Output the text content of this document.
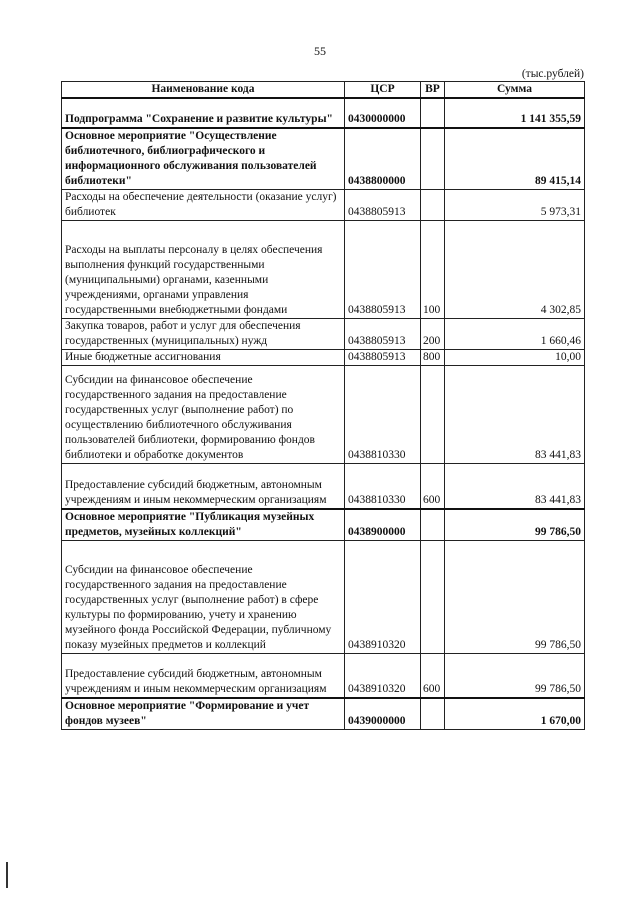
55
(тыс.рублей)
Наименование кода	ЦСР	ВР	Сумма
Подпрограмма "Сохранение и развитие культуры"	0430000000		1 141 355,59
Основное мероприятие "Осуществление библиотечного, библиографического и информационного обслуживания пользователей библиотеки"	0438800000		89 415,14
Расходы на обеспечение деятельности (оказание услуг) библиотек	0438805913		5 973,31
Расходы на выплаты персоналу в целях обеспечения выполнения функций государственными (муниципальными) органами, казенными учреждениями, органами управления государственными внебюджетными фондами	0438805913	100	4 302,85
Закупка товаров, работ и услуг для обеспечения государственных (муниципальных) нужд	0438805913	200	1 660,46
Иные бюджетные ассигнования	0438805913	800	10,00
Субсидии на финансовое обеспечение государственного задания на предоставление государственных услуг (выполнение работ) по осуществлению библиотечного обслуживания пользователей библиотеки, формированию фондов библиотеки и обработке документов	0438810330		83 441,83
Предоставление субсидий бюджетным, автономным учреждениям и иным некоммерческим организациям	0438810330	600	83 441,83
Основное мероприятие "Публикация музейных предметов, музейных коллекций"	0438900000		99 786,50
Субсидии на финансовое обеспечение государственного задания на предоставление государственных услуг (выполнение работ) в сфере культуры по формированию, учету и хранению музейного фонда Российской Федерации, публичному показу музейных предметов и коллекций	0438910320		99 786,50
Предоставление субсидий бюджетным, автономным учреждениям и иным некоммерческим организациям	0438910320	600	99 786,50
Основное мероприятие "Формирование и учет фондов музеев"	0439000000		1 670,00
